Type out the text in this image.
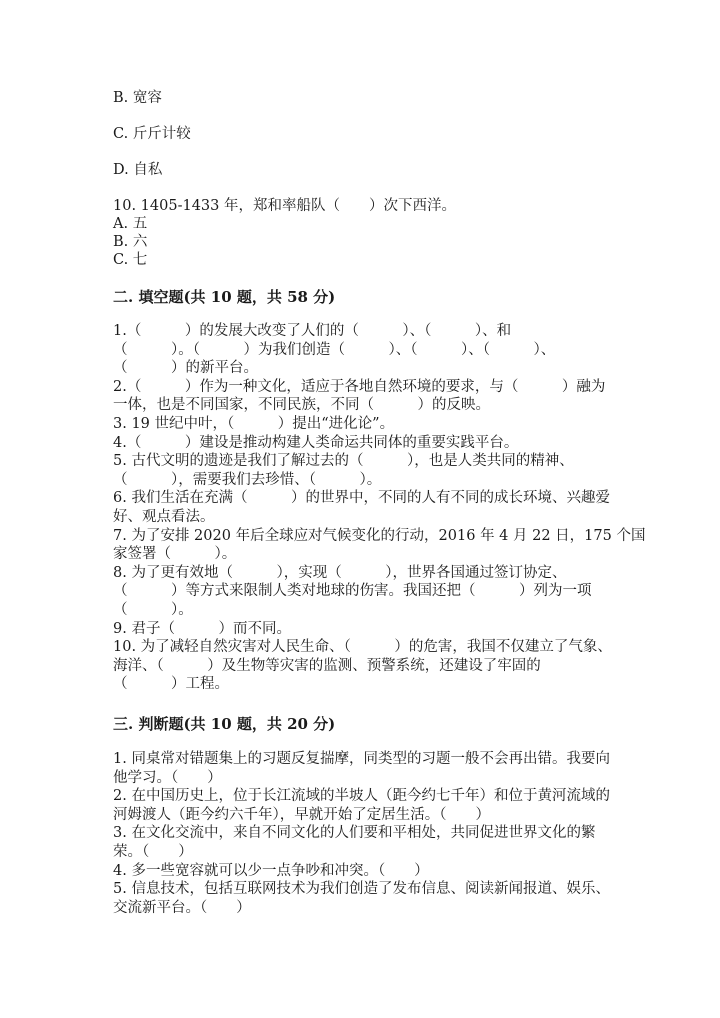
B. 宽容
C. 斤斤计较
D. 自私
10. 1405-1433 年，郑和率船队（　　）次下西洋。
A. 五
B. 六
C. 七
二. 填空题(共 10 题，共 58 分)
1.（　　　）的发展大改变了人们的（　　　）、（　　　）、和
（　　　）。（　　　）为我们创造（　　　）、（　　　）、（　　　）、
（　　　）的新平台。
2.（　　　）作为一种文化，适应于各地自然环境的要求，与（　　　）融为
一体，也是不同国家，不同民族，不同（　　　）的反映。
3. 19 世纪中叶，（　　　）提出“进化论”。
4.（　　　）建设是推动构建人类命运共同体的重要实践平台。
5. 古代文明的遗迹是我们了解过去的（　　　），也是人类共同的精神、
（　　　），需要我们去珍惜、（　　　）。
6. 我们生活在充满（　　　）的世界中，不同的人有不同的成长环境、兴趣爱
好、观点看法。
7. 为了安排 2020 年后全球应对气候变化的行动，2016 年 4 月 22 日，175 个国
家签署（　　　）。
8. 为了更有效地（　　　），实现（　　　），世界各国通过签订协定、
（　　　）等方式来限制人类对地球的伤害。我国还把（　　　）列为一项
（　　　）。
9. 君子（　　　）而不同。
10. 为了减轻自然灾害对人民生命、（　　　）的危害，我国不仅建立了气象、
海洋、（　　　）及生物等灾害的监测、预警系统，还建设了牢固的
（　　　）工程。
三. 判断题(共 10 题，共 20 分)
1. 同桌常对错题集上的习题反复揣摩，同类型的习题一般不会再出错。我要向
他学习。（　　）
2. 在中国历史上，位于长江流域的半坡人（距今约七千年）和位于黄河流域的
河姆渡人（距今约六千年），早就开始了定居生活。（　　）
3. 在文化交流中，来自不同文化的人们要和平相处，共同促进世界文化的繁
荣。（　　）
4. 多一些宽容就可以少一点争吵和冲突。（　　）
5. 信息技术，包括互联网技术为我们创造了发布信息、阅读新闻报道、娱乐、
交流新平台。（　　）
